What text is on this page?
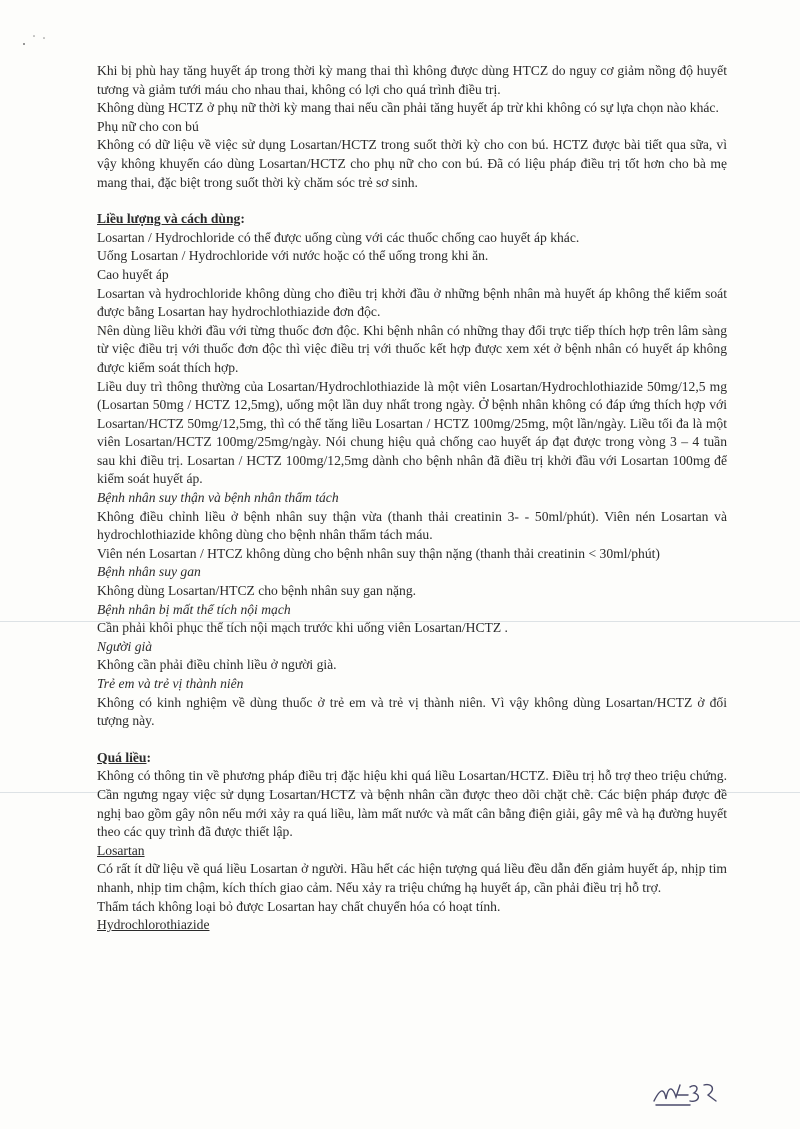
Khi bị phù hay tăng huyết áp trong thời kỳ mang thai thì không được dùng HTCZ do nguy cơ giảm nồng độ huyết tương và giảm tưới máu cho nhau thai, không có lợi cho quá trình điều trị.

Không dùng HCTZ ở phụ nữ thời kỳ mang thai nếu cần phải tăng huyết áp trừ khi không có sự lựa chọn nào khác.

Phụ nữ cho con bú

Không có dữ liệu về việc sử dụng Losartan/HCTZ trong suốt thời kỳ cho con bú. HCTZ được bài tiết qua sữa, vì vậy không khuyến cáo dùng Losartan/HCTZ cho phụ nữ cho con bú. Đã có liệu pháp điều trị tốt hơn cho bà mẹ mang thai, đặc biệt trong suốt thời kỳ chăm sóc trẻ sơ sinh.

Liều lượng và cách dùng:

Losartan / Hydrochloride có thể được uống cùng với các thuốc chống cao huyết áp khác.

Uống Losartan / Hydrochloride với nước hoặc có thể uống trong khi ăn.

Cao huyết áp

Losartan và hydrochloride không dùng cho điều trị khởi đầu ở những bệnh nhân mà huyết áp không thể kiểm soát được bằng Losartan hay hydrochlothiazide đơn độc.

Nên dùng liều khởi đầu với từng thuốc đơn độc. Khi bệnh nhân có những thay đổi trực tiếp thích hợp trên lâm sàng từ việc điều trị với thuốc đơn độc thì việc điều trị với thuốc kết hợp được xem xét ở bệnh nhân có huyết áp không được kiểm soát thích hợp.

Liều duy trì thông thường của Losartan/Hydrochlothiazide là một viên Losartan/Hydrochlothiazide 50mg/12,5 mg (Losartan 50mg / HCTZ 12,5mg), uống một lần duy nhất trong ngày. Ở bệnh nhân không có đáp ứng thích hợp với Losartan/HCTZ 50mg/12,5mg, thì có thể tăng liều Losartan / HCTZ 100mg/25mg, một lần/ngày. Liều tối đa là một viên Losartan/HCTZ 100mg/25mg/ngày. Nói chung hiệu quả chống cao huyết áp đạt được trong vòng 3 – 4 tuần sau khi điều trị. Losartan / HCTZ 100mg/12,5mg dành cho bệnh nhân đã điều trị khởi đầu với Losartan 100mg để kiểm soát huyết áp.

Bệnh nhân suy thận và bệnh nhân thẩm tách

Không điều chỉnh liều ở bệnh nhân suy thận vừa (thanh thải creatinin 3- - 50ml/phút). Viên nén Losartan và hydrochlothiazide không dùng cho bệnh nhân thẩm tách máu.

Viên nén Losartan / HTCZ không dùng cho bệnh nhân suy thận nặng (thanh thải creatinin < 30ml/phút)

Bệnh nhân suy gan

Không dùng Losartan/HTCZ cho bệnh nhân suy gan nặng.

Bệnh nhân bị mất thể tích nội mạch

Cần phải khôi phục thể tích nội mạch trước khi uống viên Losartan/HCTZ .

Người già

Không cần phải điều chỉnh liều ở người già.

Trẻ em và trẻ vị thành niên

Không có kinh nghiệm về dùng thuốc ở trẻ em và trẻ vị thành niên. Vì vậy không dùng Losartan/HCTZ ở đối tượng này.

Quá liều:

Không có thông tin về phương pháp điều trị đặc hiệu khi quá liều Losartan/HCTZ. Điều trị hỗ trợ theo triệu chứng. Cần ngưng ngay việc sử dụng Losartan/HCTZ và bệnh nhân cần được theo dõi chặt chẽ. Các biện pháp được đề nghị bao gồm gây nôn nếu mới xảy ra quá liều, làm mất nước và mất cân bằng điện giải, gây mê và hạ đường huyết theo các quy trình đã được thiết lập.

Losartan

Có rất ít dữ liệu về quá liều Losartan ở người. Hầu hết các hiện tượng quá liều đều dẫn đến giảm huyết áp, nhịp tim nhanh, nhịp tim chậm, kích thích giao cảm. Nếu xảy ra triệu chứng hạ huyết áp, cần phải điều trị hỗ trợ.

Thẩm tách không loại bỏ được Losartan hay chất chuyển hóa có hoạt tính.

Hydrochlorothiazide
